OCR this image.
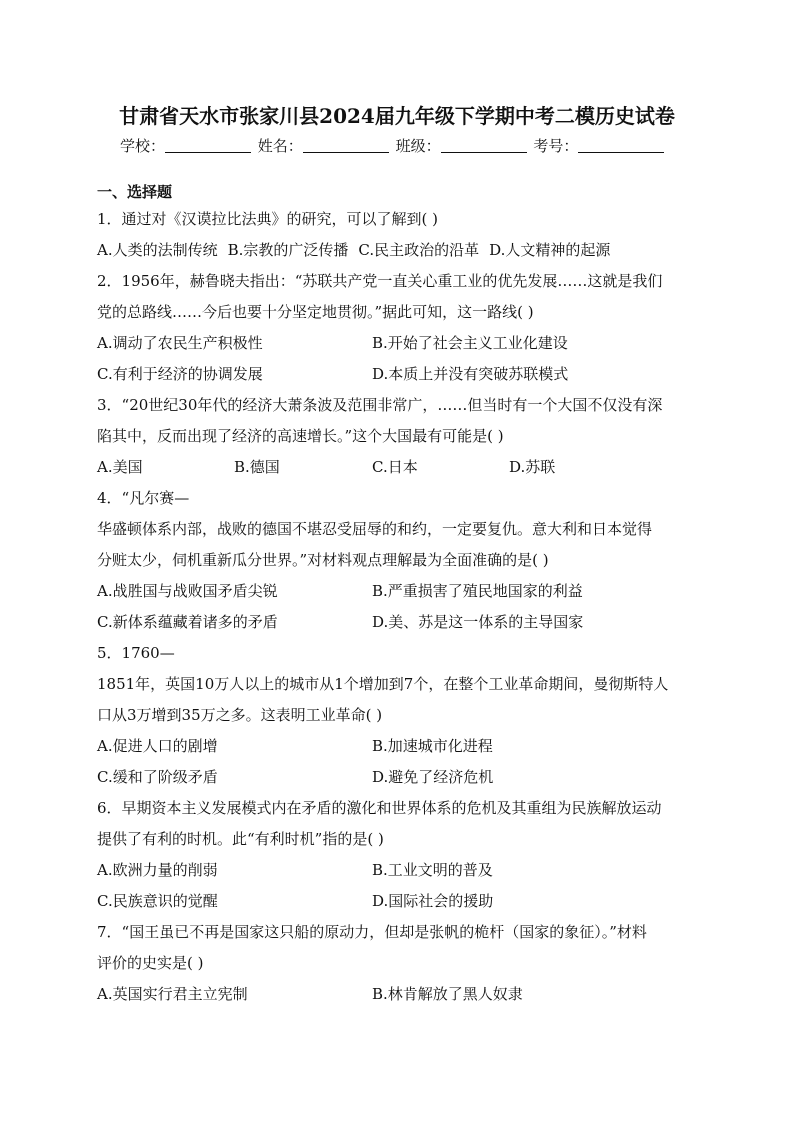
甘肃省天水市张家川县2024届九年级下学期中考二模历史试卷
学校：	姓名：	班级：	考号：
一、选择题
1．通过对《汉谟拉比法典》的研究，可以了解到( )
A.人类的法制传统 B.宗教的广泛传播 C.民主政治的沿革 D.人文精神的起源
2．1956年，赫鲁晓夫指出：“苏联共产党一直关心重工业的优先发展……这就是我们
党的总路线……今后也要十分坚定地贯彻。”据此可知，这一路线( )
A.调动了农民生产积极性	B.开始了社会主义工业化建设
C.有利于经济的协调发展	D.本质上并没有突破苏联模式
3．“20世纪30年代的经济大萧条波及范围非常广，……但当时有一个大国不仅没有深
陷其中，反而出现了经济的高速增长。”这个大国最有可能是( )
A.美国	B.德国	C.日本	D.苏联
4．“凡尔赛—
华盛顿体系内部，战败的德国不堪忍受屈辱的和约，一定要复仇。意大利和日本觉得
分赃太少，伺机重新瓜分世界。”对材料观点理解最为全面准确的是( )
A.战胜国与战败国矛盾尖锐	B.严重损害了殖民地国家的利益
C.新体系蕴藏着诸多的矛盾	D.美、苏是这一体系的主导国家
5．1760—
1851年，英国10万人以上的城市从1个增加到7个，在整个工业革命期间，曼彻斯特人
口从3万增到35万之多。这表明工业革命( )
A.促进人口的剧增	B.加速城市化进程
C.缓和了阶级矛盾	D.避免了经济危机
6．早期资本主义发展模式内在矛盾的激化和世界体系的危机及其重组为民族解放运动
提供了有利的时机。此“有利时机”指的是( )
A.欧洲力量的削弱	B.工业文明的普及
C.民族意识的觉醒	D.国际社会的援助
7．“国王虽已不再是国家这只船的原动力，但却是张帆的桅杆（国家的象征）。”材料
评价的史实是( )
A.英国实行君主立宪制	B.林肯解放了黑人奴隶
